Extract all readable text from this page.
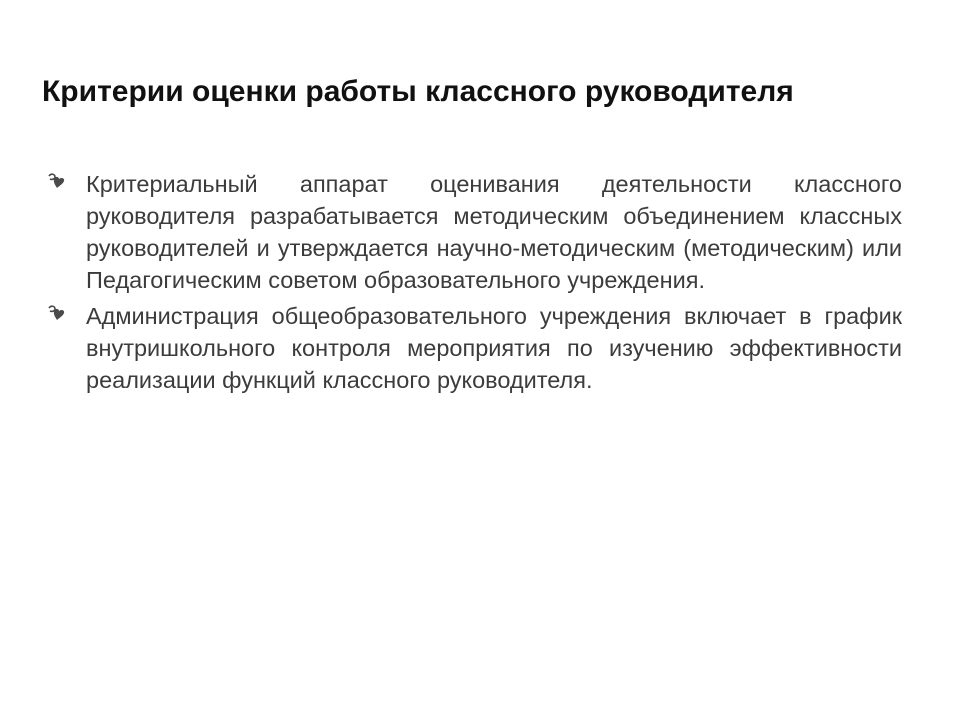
Критерии оценки работы классного руководителя
Критериальный аппарат оценивания деятельности классного руководителя разрабатывается методическим объединением классных руководителей и утверждается научно-методическим (методическим) или Педагогическим советом образовательного учреждения.
Администрация общеобразовательного учреждения включает в график внутришкольного контроля мероприятия по изучению эффективности реализации функций классного руководителя.
